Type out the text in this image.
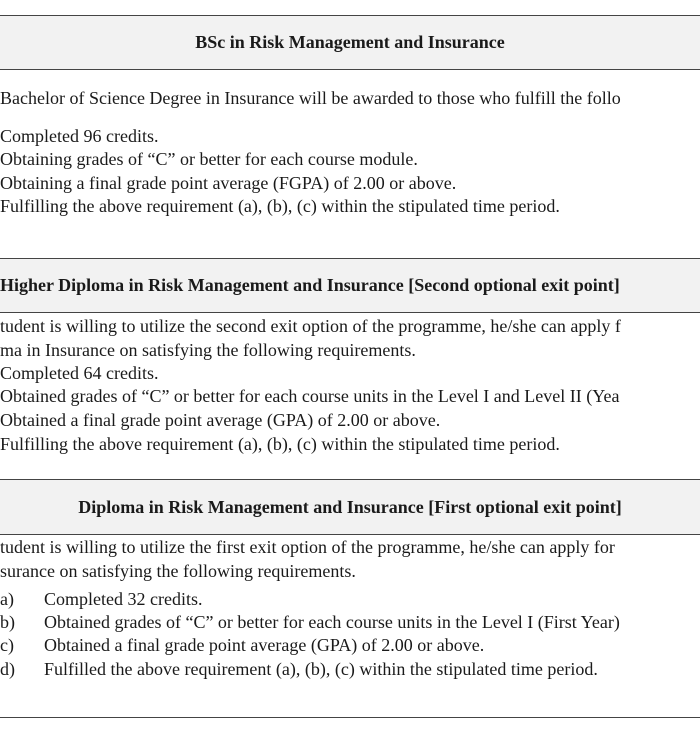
BSc in Risk Management and Insurance
Bachelor of Science Degree in Insurance will be awarded to those who fulfill the follo
Completed 96 credits.
Obtaining grades of “C” or better for each course module.
Obtaining a final grade point average (FGPA) of 2.00 or above.
Fulfilling the above requirement (a), (b), (c) within the stipulated time period.
Higher Diploma in Risk Management and Insurance [Second optional exit point]
tudent is willing to utilize the second exit option of the programme, he/she can apply f
ma in Insurance on satisfying the following requirements.
Completed 64 credits.
Obtained grades of “C” or better for each course units in the Level I and Level II (Yea
Obtained a final grade point average (GPA) of 2.00 or above.
Fulfilling the above requirement (a), (b), (c) within the stipulated time period.
Diploma in Risk Management and Insurance [First optional exit point]
tudent is willing to utilize the first exit option of the programme, he/she can apply for
surance on satisfying the following requirements.
a) Completed 32 credits.
b) Obtained grades of “C” or better for each course units in the Level I (First Year)
c) Obtained a final grade point average (GPA) of 2.00 or above.
d) Fulfilled the above requirement (a), (b), (c) within the stipulated time period.
